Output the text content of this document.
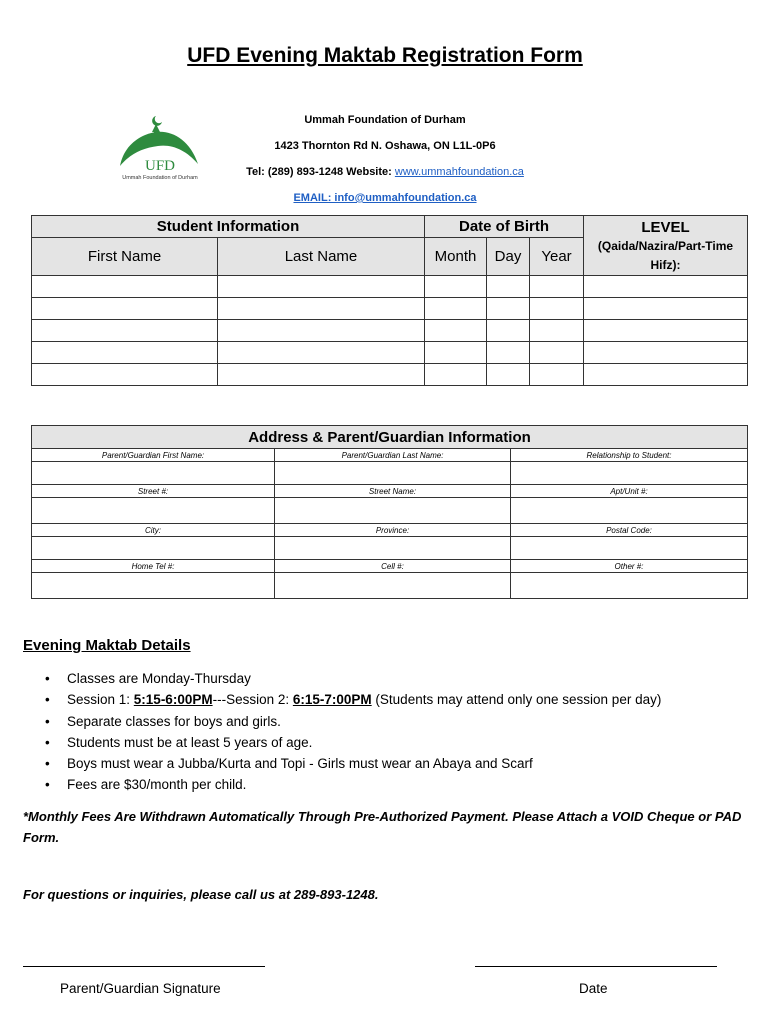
UFD Evening Maktab Registration Form
UFD
Ummah Foundation of Durham
Ummah Foundation of Durham
1423 Thornton Rd N. Oshawa, ON L1L-0P6
Tel: (289) 893-1248 Website: www.ummahfoundation.ca
EMAIL: info@ummahfoundation.ca
Student Information		Date of Birth			LEVEL
(Qaida/Nazira/Part-Time Hifz):
First Name	Last Name	Month	Day	Year	

Address & Parent/Guardian Information		
Parent/Guardian First Name:	Parent/Guardian Last Name:	Relationship to Student:

Street #:	Street Name:	Apt/Unit #:

City:	Province:	Postal Code:

Home Tel #:	Cell #:	Other #:

Evening Maktab Details
• Classes are Monday-Thursday
• Session 1: 5:15-6:00PM---Session 2: 6:15-7:00PM (Students may attend only one session per day)
• Separate classes for boys and girls.
• Students must be at least 5 years of age.
• Boys must wear a Jubba/Kurta and Topi - Girls must wear an Abaya and Scarf
• Fees are $30/month per child.
*Monthly Fees Are Withdrawn Automatically Through Pre-Authorized Payment. Please Attach a VOID Cheque or PAD Form.
For questions or inquiries, please call us at 289-893-1248.
Parent/Guardian Signature	Date
